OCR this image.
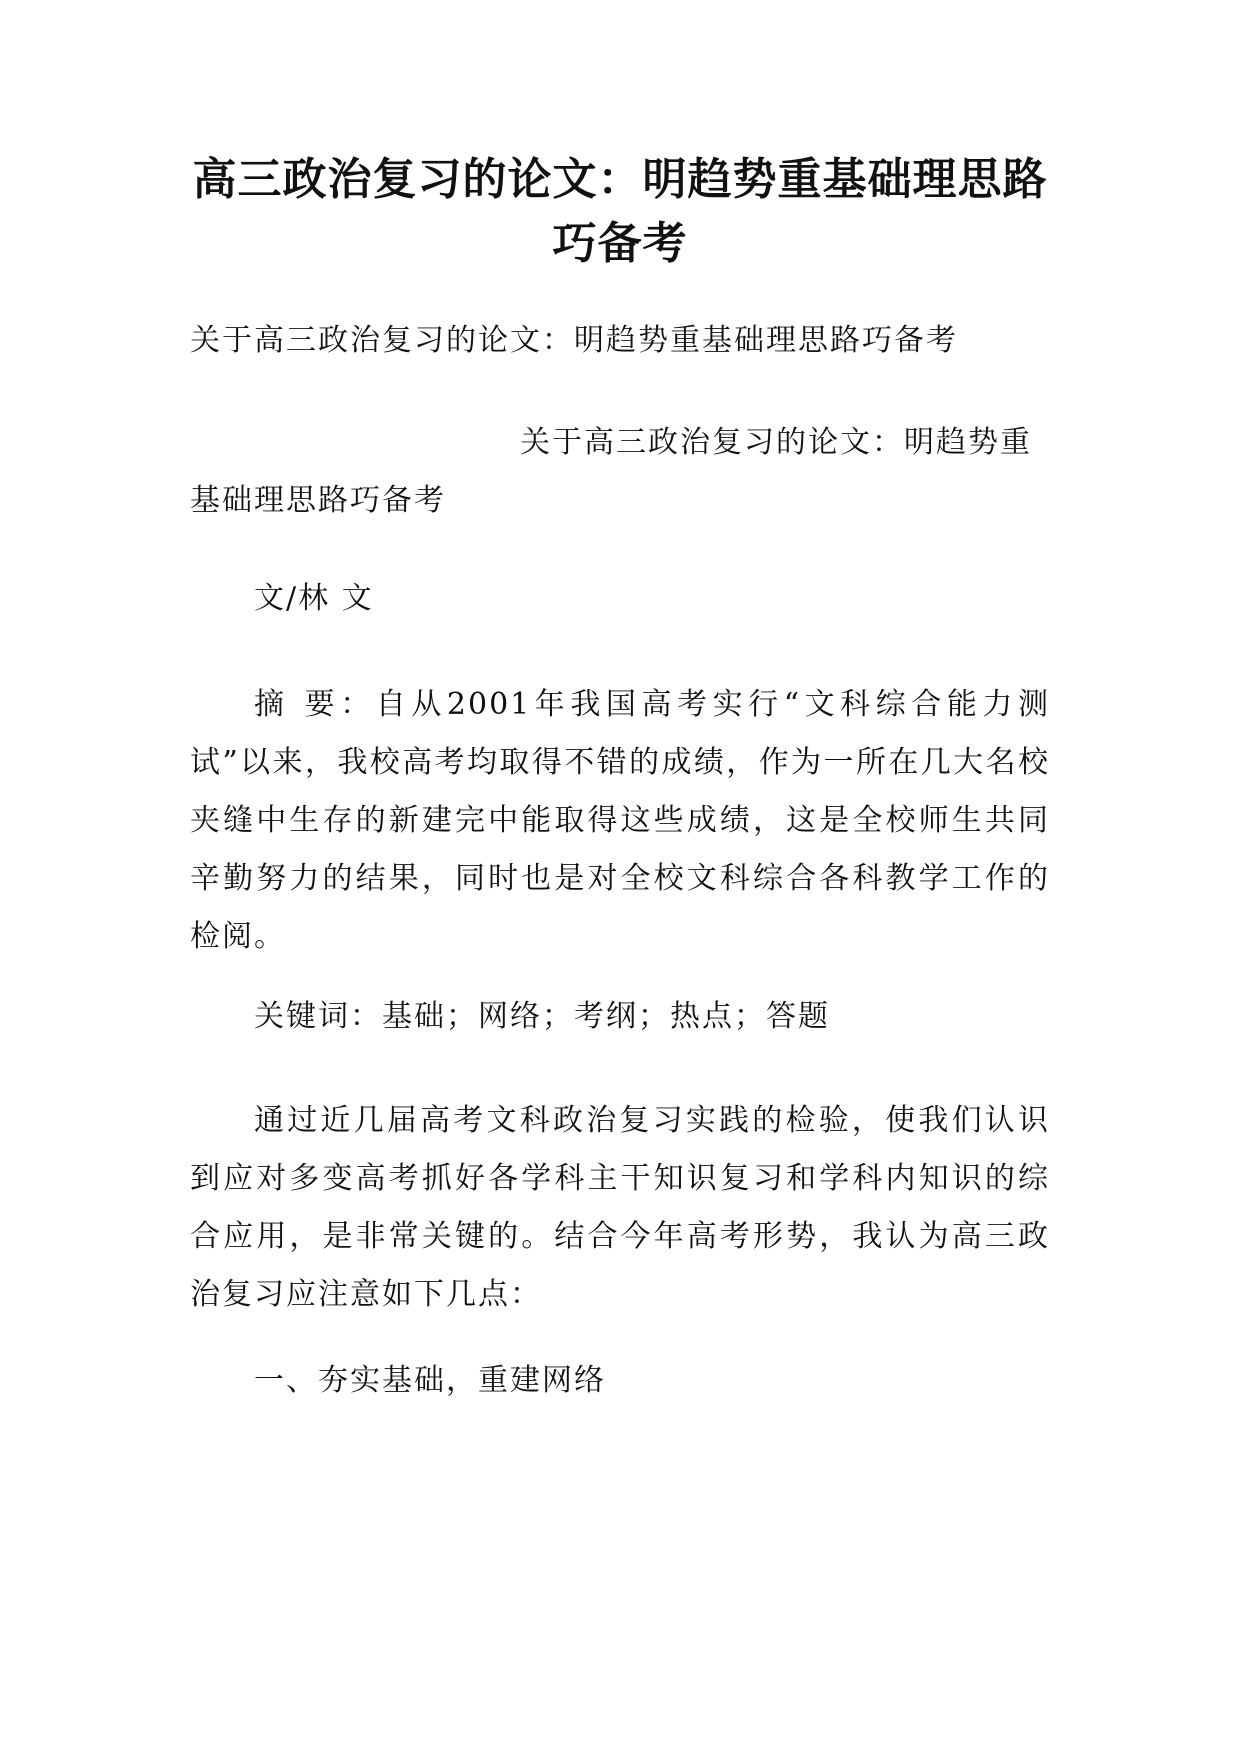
高三政治复习的论文：明趋势重基础理思路巧备考

关于高三政治复习的论文：明趋势重基础理思路巧备考

关于高三政治复习的论文：明趋势重基础理思路巧备考

文/林 文

摘 要：自从2001年我国高考实行“文科综合能力测试”以来，我校高考均取得不错的成绩，作为一所在几大名校夹缝中生存的新建完中能取得这些成绩，这是全校师生共同辛勤努力的结果，同时也是对全校文科综合各科教学工作的检阅。

关键词：基础；网络；考纲；热点；答题

通过近几届高考文科政治复习实践的检验，使我们认识到应对多变高考抓好各学科主干知识复习和学科内知识的综合应用，是非常关键的。结合今年高考形势，我认为高三政治复习应注意如下几点：

一、夯实基础，重建网络
